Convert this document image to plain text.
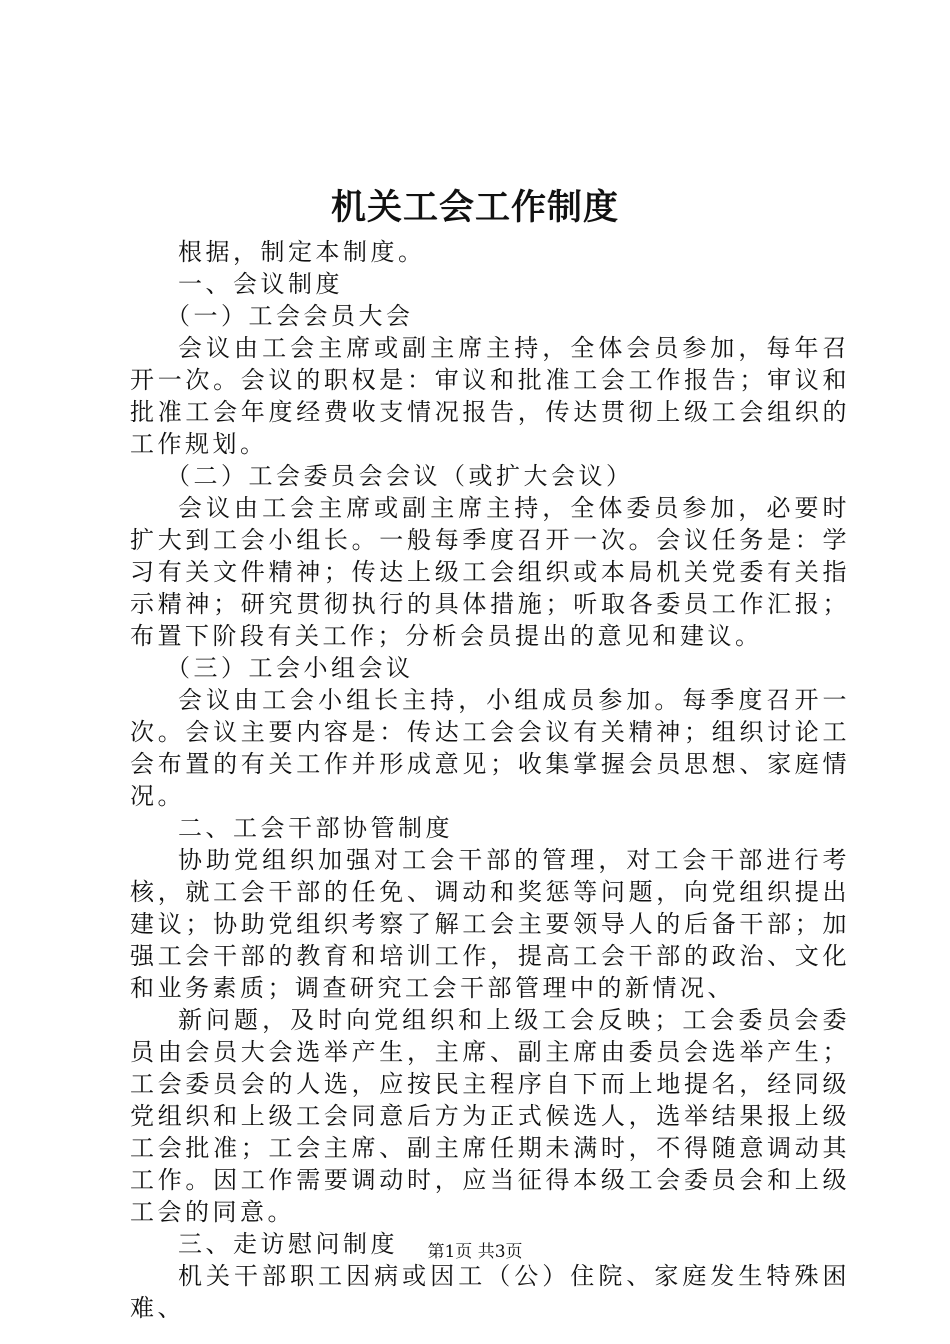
机关工会工作制度

根据，制定本制度。

一、会议制度

（一）工会会员大会

会议由工会主席或副主席主持，全体会员参加，每年召开一次。会议的职权是：审议和批准工会工作报告；审议和批准工会年度经费收支情况报告，传达贯彻上级工会组织的工作规划。

（二）工会委员会会议（或扩大会议）

会议由工会主席或副主席主持，全体委员参加，必要时扩大到工会小组长。一般每季度召开一次。会议任务是：学习有关文件精神；传达上级工会组织或本局机关党委有关指示精神；研究贯彻执行的具体措施；听取各委员工作汇报；布置下阶段有关工作；分析会员提出的意见和建议。

（三）工会小组会议

会议由工会小组长主持，小组成员参加。每季度召开一次。会议主要内容是：传达工会会议有关精神；组织讨论工会布置的有关工作并形成意见；收集掌握会员思想、家庭情况。

二、工会干部协管制度

协助党组织加强对工会干部的管理，对工会干部进行考核，就工会干部的任免、调动和奖惩等问题，向党组织提出建议；协助党组织考察了解工会主要领导人的后备干部；加强工会干部的教育和培训工作，提高工会干部的政治、文化和业务素质；调查研究工会干部管理中的新情况、

新问题，及时向党组织和上级工会反映；工会委员会委员由会员大会选举产生，主席、副主席由委员会选举产生；工会委员会的人选，应按民主程序自下而上地提名，经同级党组织和上级工会同意后方为正式候选人，选举结果报上级工会批准；工会主席、副主席任期未满时，不得随意调动其工作。因工作需要调动时，应当征得本级工会委员会和上级工会的同意。

三、走访慰问制度

机关干部职工因病或因工（公）住院、家庭发生特殊困难、

第1页 共3页
